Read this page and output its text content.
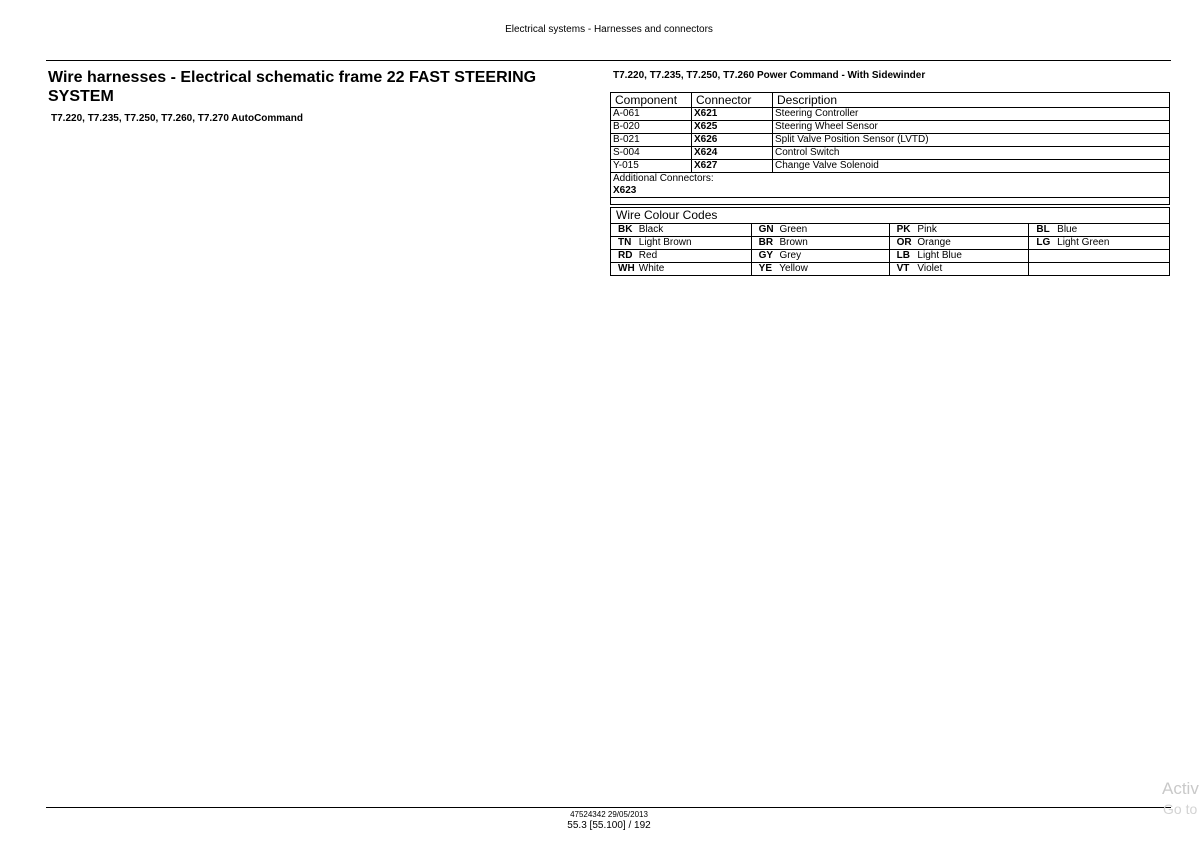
Electrical systems - Harnesses and connectors
Wire harnesses - Electrical schematic frame 22 FAST STEERING SYSTEM
T7.220, T7.235, T7.250, T7.260, T7.270 AutoCommand
T7.220, T7.235, T7.250, T7.260 Power Command - With Sidewinder
Component	Connector	Description
A-061	X621	Steering Controller
B-020	X625	Steering Wheel Sensor
B-021	X626	Split Valve Position Sensor (LVTD)
S-004	X624	Control Switch
Y-015	X627	Change Valve Solenoid

Additional Connectors:
X623		

Wire Colour Codes
BK Black	GN Green	PK Pink	BL Blue
TN Light Brown	BR Brown	OR Orange	LG Light Green
RD Red	GY Grey	LB Light Blue	
WH White	YE Yellow	VT Violet	
47524342 29/05/2013
55.3 [55.100] / 192
Activ
Go to
